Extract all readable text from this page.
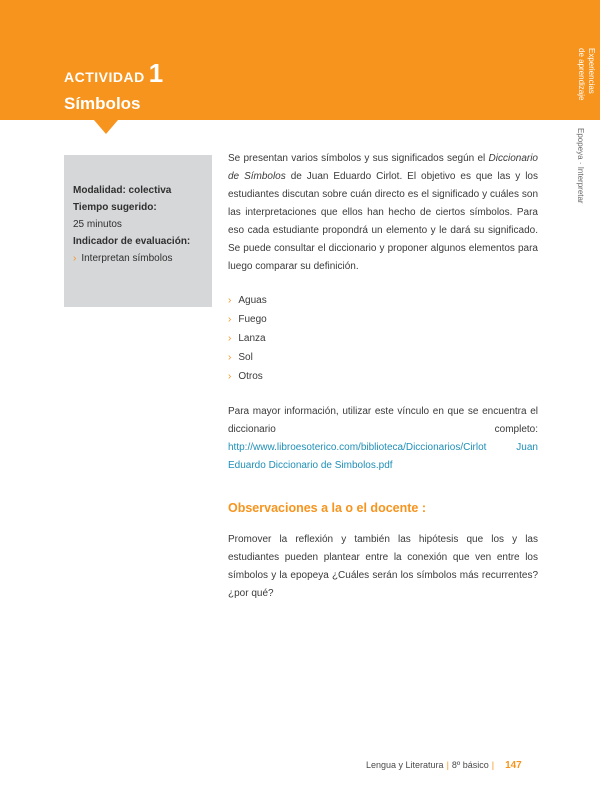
ACTIVIDAD 1
Símbolos
Experiencias
de aprendizaje
Epopeya · Interpretar
Modalidad: colectiva
Tiempo sugerido:
25 minutos
Indicador de evaluación:
› Interpretan símbolos

Se presentan varios símbolos y sus significados según el Diccionario de Símbolos de Juan Eduardo Cirlot. El objetivo es que las y los estudiantes discutan sobre cuán directo es el significado y cuáles son las interpretaciones que ellos han hecho de ciertos símbolos. Para eso cada estudiante propondrá un elemento y le dará su significado. Se puede consultar el diccionario y proponer algunos elementos para luego comparar su definición.

› Aguas
› Fuego
› Lanza
› Sol
› Otros

Para mayor información, utilizar este vínculo en que se encuentra el diccionario completo: http://www.libroesoterico.com/biblioteca/Diccionarios/Cirlot Juan Eduardo Diccionario de Simbolos.pdf

Observaciones a la o el docente :

Promover la reflexión y también las hipótesis que los y las estudiantes pueden plantear entre la conexión que ven entre los símbolos y la epopeya ¿Cuáles serán los símbolos más recurrentes? ¿por qué?

Lengua y Literatura | 8º básico | 147
